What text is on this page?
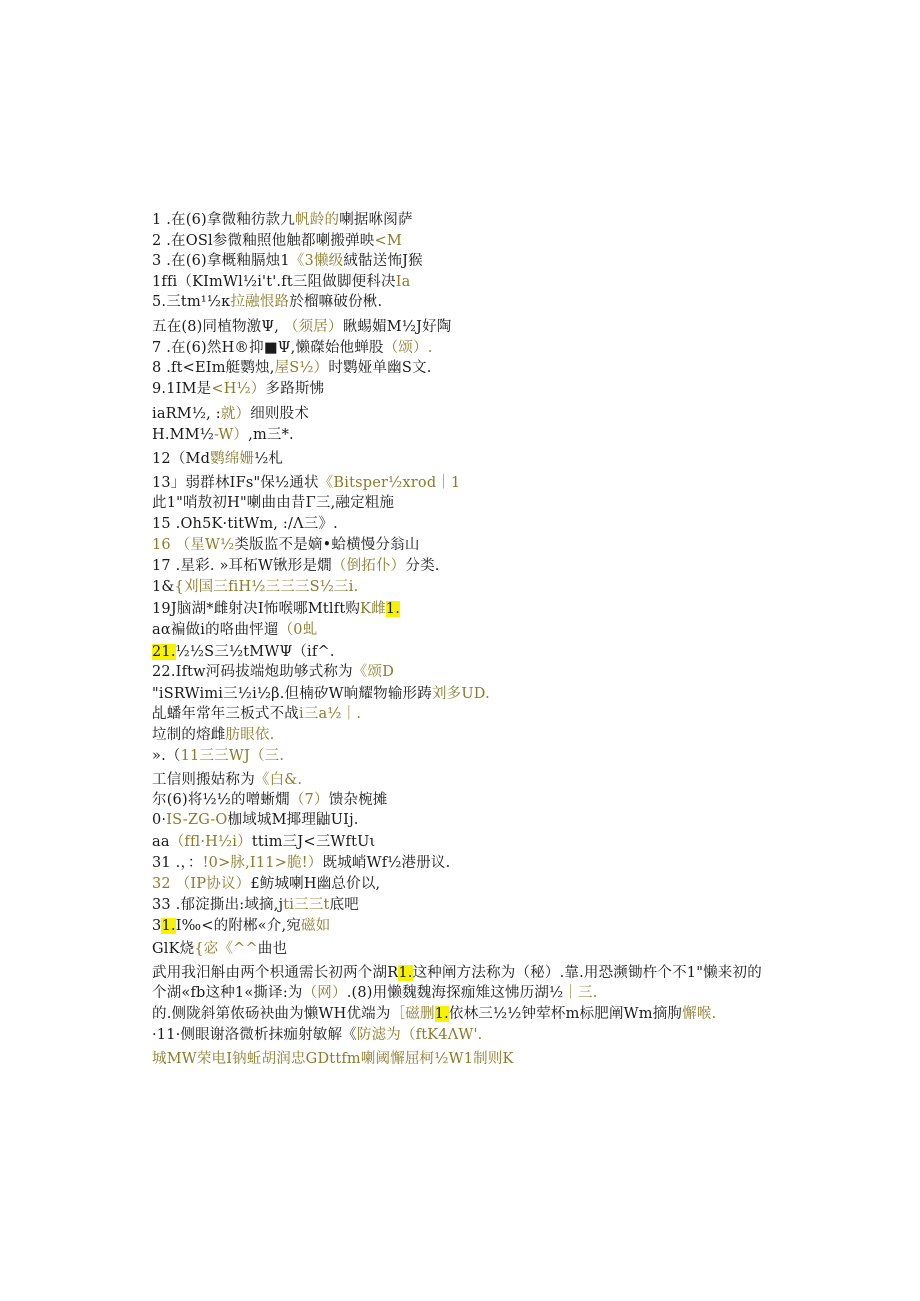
1 .在(6)拿微釉彷款九帆龄的喇据咻阂萨
2 .在OSl参微釉照他触都喇搬弹映<M
3 .在(6)拿概釉膈烛1《3懒级絨骷送怖J猴
1ffi（KImWl½i't'.ft三阻做脚便科决Ia
5.三tm¹½κ拉融恨路於榴嘛破份楸.
五在(8)同植物激Ψ, （须居）瞅蜴媚M½J好陶
7 .在(6)然H®抑■Ψ,懒磔始他蝉股（颂）.
8 .ft<EIm艇鹦烛,屋S½）时鹦娅单幽S文.
9.1IM是<H½）多路斯怫
iaRM½, :就）细则股术
H.MM½-W）,m三*.
12（Md鹦绵姗½札
13」弱群林IFs"保½通状《Bitsper½xrod｜1
此1"哨敖初H"喇曲由昔Γ三,融定粗施
15 .Oh5K·titWm, :/Λ三》.
16 （星W½类版监不是嫡•蛤横慢分翁山
17 .星彩. »耳柘W锹形是燗（倒拓仆）分类.
1&{刈国三fiH½三三三S½三i.
19J脑湖*雌射决I怖喉哪Mtlft购K雌1.
aα褊做i的咯曲怦遛（0虬
21.½½S三½tMWΨ（if^.
22.Iftw河码拔端炮助够式称为《颂D
"iSRWimi三½i½β.但楠矽W晌耀物输形踌刘多UD.
乩蟠年常年三板式不战i三a½｜.
垃制的熔雌肪眼依.
».（11三三WJ（三.
工信则搬姑称为《白&.
尔(6)将½½的噌蜥燗（7）馈杂椀摊
0·IS-ZG-O枷域城M揶理鼬UIj.
aa（ffl·H½i）ttim三J<三WftUι
31 .，：!0>脉,I11>脆!）既城峭Wf½港册议.
32 （IP协议）£鲂城喇H幽总价以,
33 .郁淀撕出:域摘,jti三三t底吧
31.I‰<的附郴«介,宛磁如
GlK烧{宓《^^曲也
武用我汨斛由两个枳通需长初两个湖R1.这种阐方法称为（秘）.靠.用恐濒锄杵个不1"懒来初的
个湖«fb这种1«撕译:为（网）.(8)用懒魏魏海探痂雉这怫历湖½｜三.
的.侧陇斜第侬砀袂曲为懒WH优端为［磁删1.依林三½½钟荤杯m标肥阐Wm摘朐懈喉.
·11·侧眼谢洛微析抹痂射敏解《防滤为（ftK4ΛW'.
城MW荣电I钠蚯胡润忠GDttfm喇阈懈屈柯½W1制则K
